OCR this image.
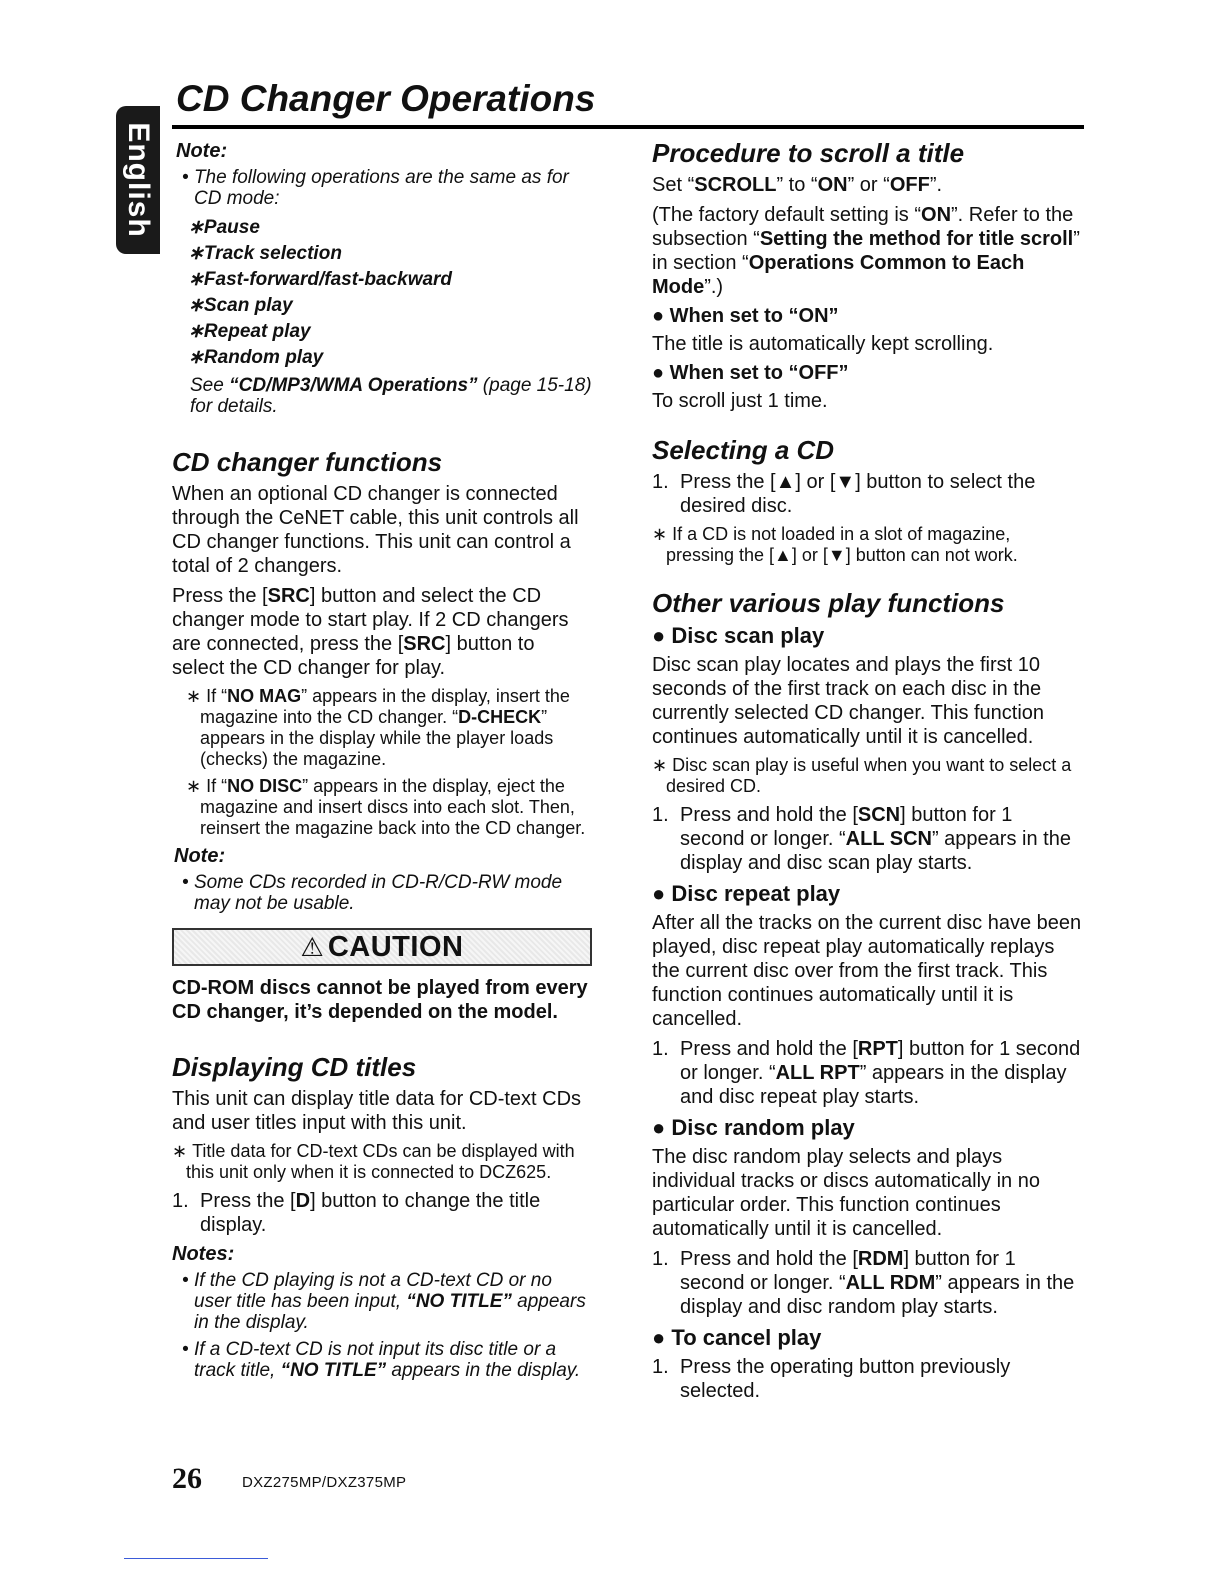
English
CD Changer Operations
Note:
• The following operations are the same as for CD mode:
∗Pause
∗Track selection
∗Fast-forward/fast-backward
∗Scan play
∗Repeat play
∗Random play
See “CD/MP3/WMA Operations” (page 15-18) for details.
CD changer functions

When an optional CD changer is connected through the CeNET cable, this unit controls all CD changer functions. This unit can control a total of 2 changers.

Press the [SRC] button and select the CD changer mode to start play. If 2 CD changers are connected, press the [SRC] button to select the CD changer for play.

∗ If “NO MAG” appears in the display, insert the magazine into the CD changer. “D-CHECK” appears in the display while the player loads (checks) the magazine.
∗ If “NO DISC” appears in the display, eject the magazine and insert discs into each slot. Then, reinsert the magazine back into the CD changer.
Note:
• Some CDs recorded in CD-R/CD-RW mode may not be usable.
⚠ CAUTION

CD-ROM discs cannot be played from every CD changer, it’s depended on the model.

Displaying CD titles

This unit can display title data for CD-text CDs and user titles input with this unit.

∗ Title data for CD-text CDs can be displayed with this unit only when it is connected to DCZ625.
1. Press the [D] button to change the title display.
Notes:
• If the CD playing is not a CD-text CD or no user title has been input, “NO TITLE” appears in the display.
• If a CD-text CD is not input its disc title or a track title, “NO TITLE” appears in the display.
Procedure to scroll a title

Set “SCROLL” to “ON” or “OFF”.

(The factory default setting is “ON”. Refer to the subsection “Setting the method for title scroll” in section “Operations Common to Each Mode”.)

● When set to “ON”

The title is automatically kept scrolling.

● When set to “OFF”

To scroll just 1 time.

Selecting a CD
1. Press the [▲] or [▼] button to select the desired disc.
∗ If a CD is not loaded in a slot of magazine, pressing the [▲] or [▼] button can not work.
Other various play functions
● Disc scan play

Disc scan play locates and plays the first 10 seconds of the first track on each disc in the currently selected CD changer. This function continues automatically until it is cancelled.

∗ Disc scan play is useful when you want to select a desired CD.
1. Press and hold the [SCN] button for 1 second or longer. “ALL SCN” appears in the display and disc scan play starts.
● Disc repeat play

After all the tracks on the current disc have been played, disc repeat play automatically replays the current disc over from the first track. This function continues automatically until it is cancelled.

1. Press and hold the [RPT] button for 1 second or longer. “ALL RPT” appears in the display and disc repeat play starts.
● Disc random play

The disc random play selects and plays individual tracks or discs automatically in no particular order. This function continues automatically until it is cancelled.

1. Press and hold the [RDM] button for 1 second or longer. “ALL RDM” appears in the display and disc random play starts.
● To cancel play
1. Press the operating button previously selected.
26	DXZ275MP/DXZ375MP
